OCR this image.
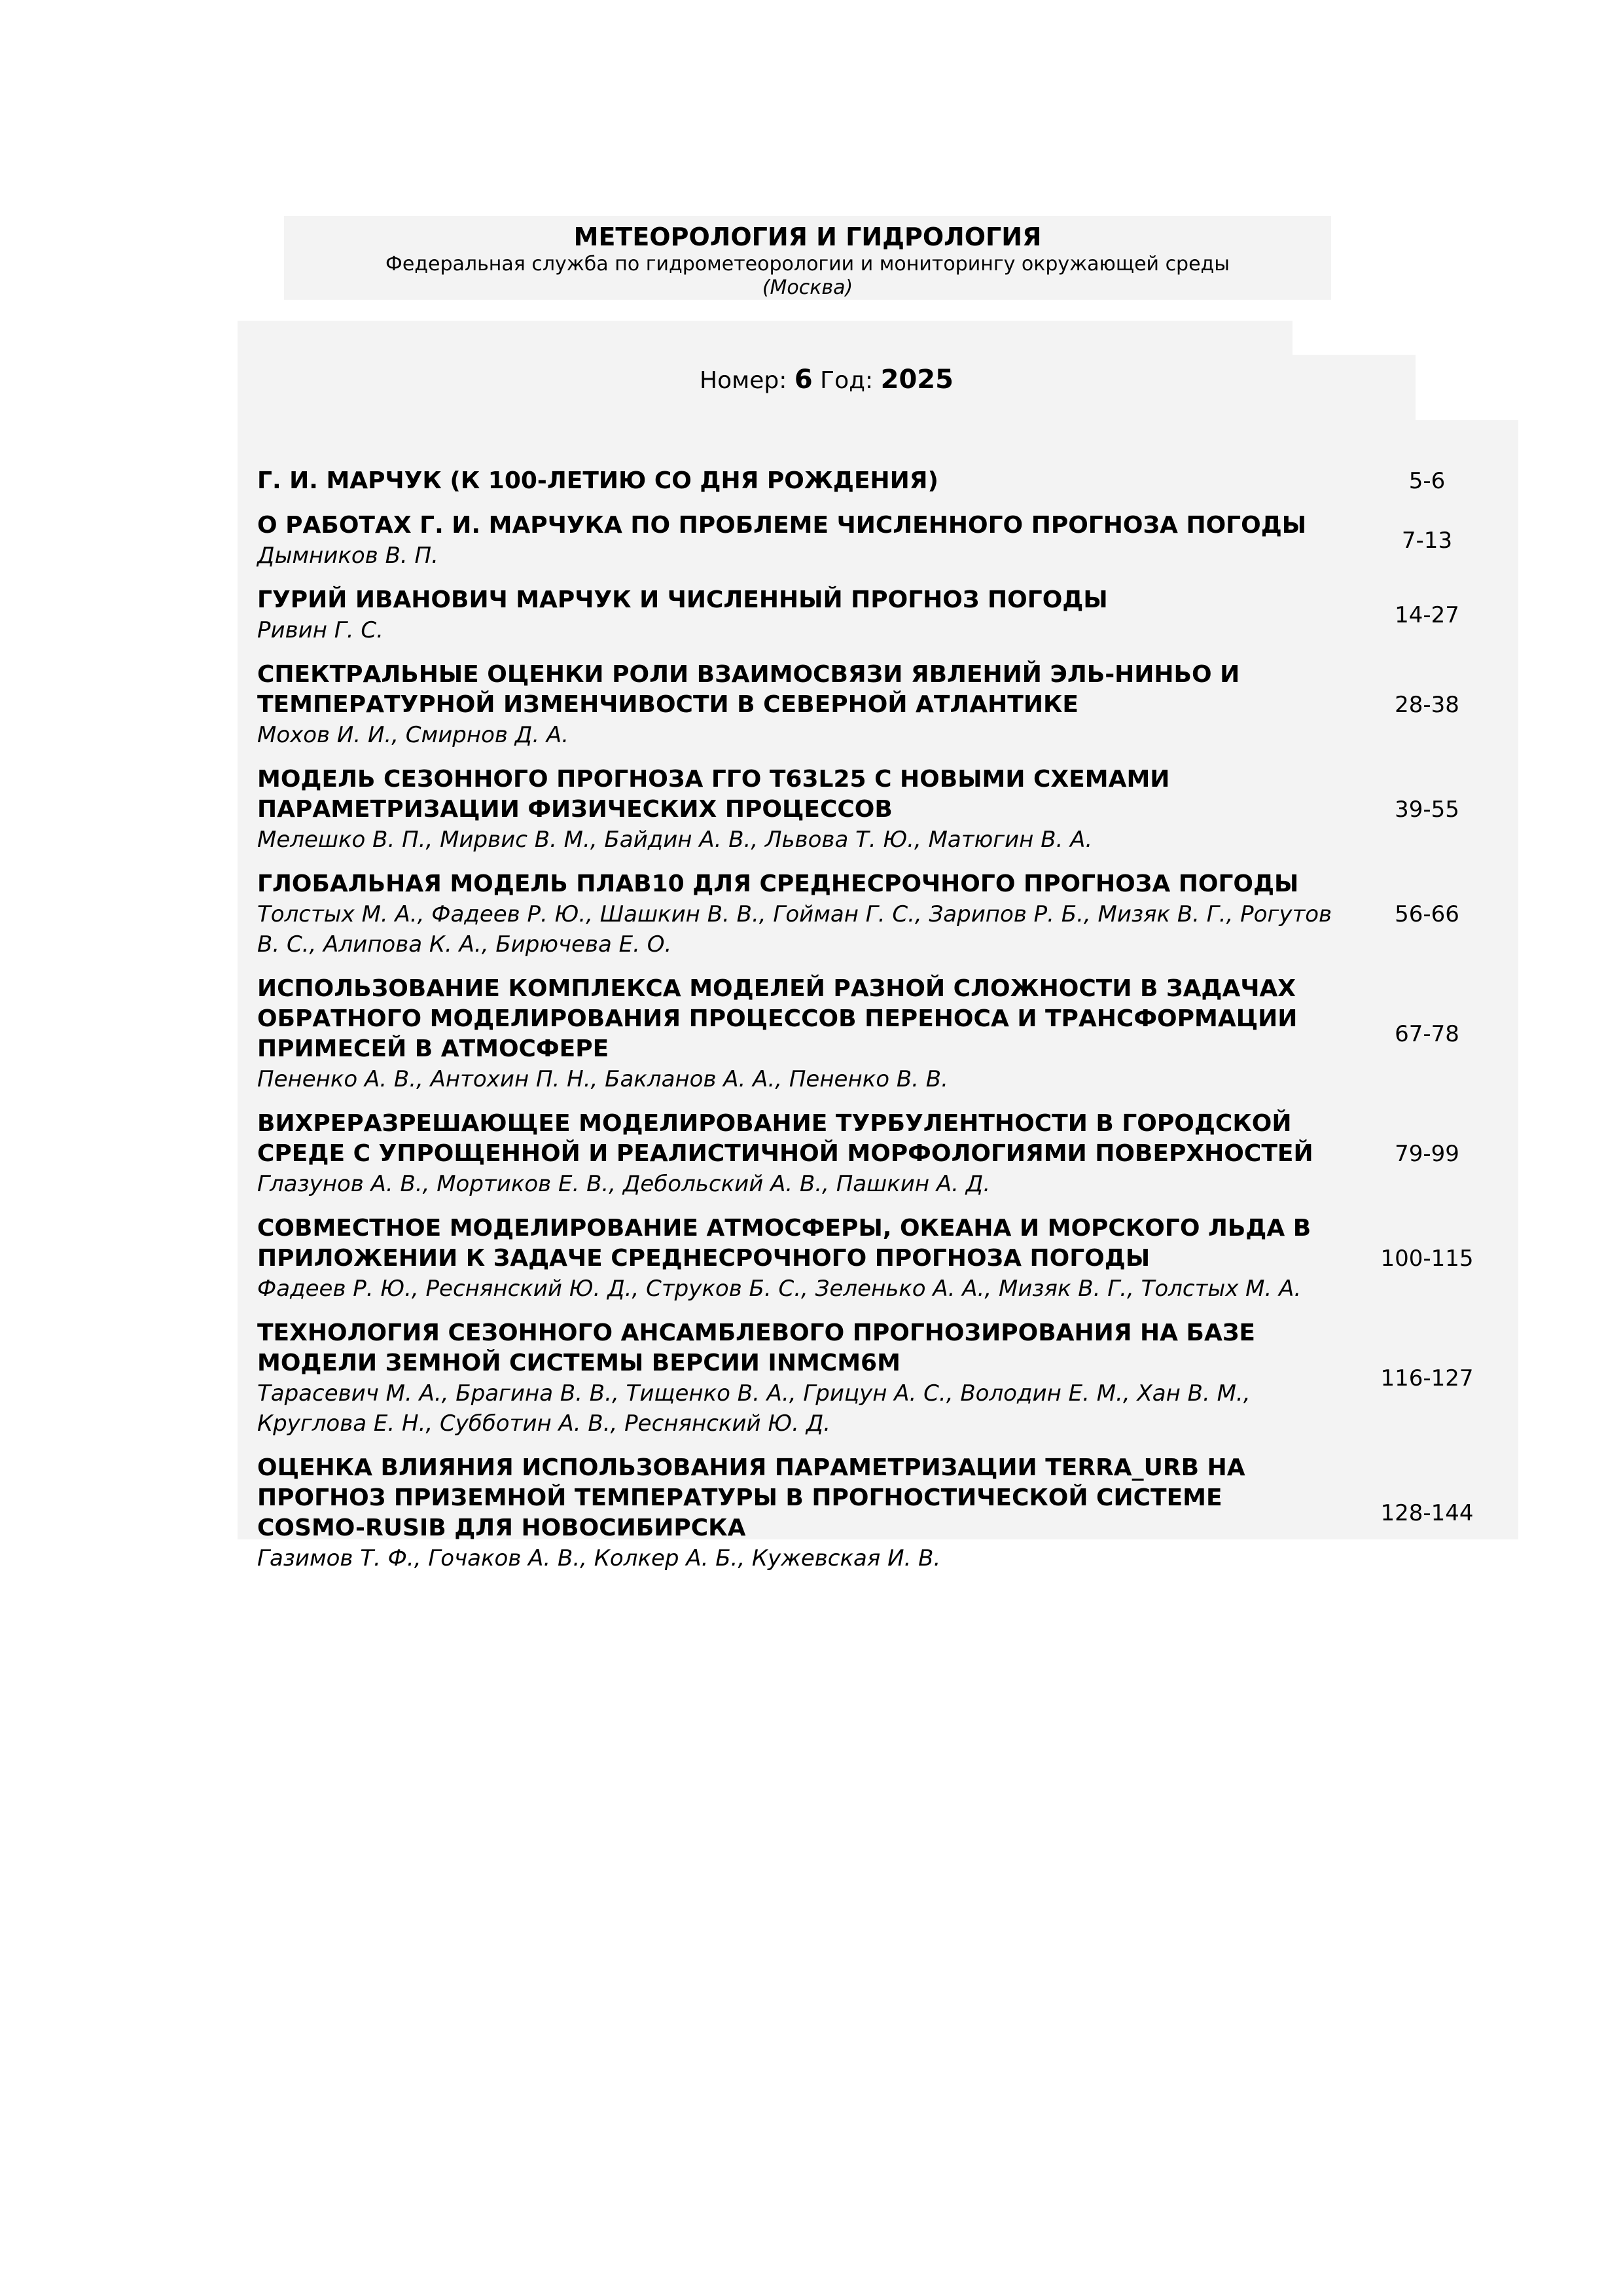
МЕТЕОРОЛОГИЯ И ГИДРОЛОГИЯ
Федеральная служба по гидрометеорологии и мониторингу окружающей среды
(Москва)
Номер: 6 Год: 2025
Г. И. МАРЧУК (К 100-ЛЕТИЮ СО ДНЯ РОЖДЕНИЯ)	5-6
О РАБОТАХ Г. И. МАРЧУКА ПО ПРОБЛЕМЕ ЧИСЛЕННОГО ПРОГНОЗА ПОГОДЫ
Дымников В. П.
7-13
ГУРИЙ ИВАНОВИЧ МАРЧУК И ЧИСЛЕННЫЙ ПРОГНОЗ ПОГОДЫ
Ривин Г. С.
14-27
СПЕКТРАЛЬНЫЕ ОЦЕНКИ РОЛИ ВЗАИМОСВЯЗИ ЯВЛЕНИЙ ЭЛЬ-НИНЬО И ТЕМПЕРАТУРНОЙ ИЗМЕНЧИВОСТИ В СЕВЕРНОЙ АТЛАНТИКЕ
Мохов И. И., Смирнов Д. А.
28-38
МОДЕЛЬ СЕЗОННОГО ПРОГНОЗА ГГО T63L25 С НОВЫМИ СХЕМАМИ ПАРАМЕТРИЗАЦИИ ФИЗИЧЕСКИХ ПРОЦЕССОВ
Мелешко В. П., Мирвис В. М., Байдин А. В., Львова Т. Ю., Матюгин В. А.
39-55
ГЛОБАЛЬНАЯ МОДЕЛЬ ПЛАВ10 ДЛЯ СРЕДНЕСРОЧНОГО ПРОГНОЗА ПОГОДЫ
Толстых М. А., Фадеев Р. Ю., Шашкин В. В., Гойман Г. С., Зарипов Р. Б., Мизяк В. Г., Рогутов В. С., Алипова К. А., Бирючева Е. О.
56-66
ИСПОЛЬЗОВАНИЕ КОМПЛЕКСА МОДЕЛЕЙ РАЗНОЙ СЛОЖНОСТИ В ЗАДАЧАХ ОБРАТНОГО МОДЕЛИРОВАНИЯ ПРОЦЕССОВ ПЕРЕНОСА И ТРАНСФОРМАЦИИ ПРИМЕСЕЙ В АТМОСФЕРЕ
Пененко А. В., Антохин П. Н., Бакланов А. А., Пененко В. В.
67-78
ВИХРЕРАЗРЕШАЮЩЕЕ МОДЕЛИРОВАНИЕ ТУРБУЛЕНТНОСТИ В ГОРОДСКОЙ СРЕДЕ С УПРОЩЕННОЙ И РЕАЛИСТИЧНОЙ МОРФОЛОГИЯМИ ПОВЕРХНОСТЕЙ
Глазунов А. В., Мортиков Е. В., Дебольский А. В., Пашкин А. Д.
79-99
СОВМЕСТНОЕ МОДЕЛИРОВАНИЕ АТМОСФЕРЫ, ОКЕАНА И МОРСКОГО ЛЬДА В ПРИЛОЖЕНИИ К ЗАДАЧЕ СРЕДНЕСРОЧНОГО ПРОГНОЗА ПОГОДЫ
Фадеев Р. Ю., Реснянский Ю. Д., Струков Б. С., Зеленько А. А., Мизяк В. Г., Толстых М. А.
100-115
ТЕХНОЛОГИЯ СЕЗОННОГО АНСАМБЛЕВОГО ПРОГНОЗИРОВАНИЯ НА БАЗЕ МОДЕЛИ ЗЕМНОЙ СИСТЕМЫ ВЕРСИИ INMCM6M
Тарасевич М. А., Брагина В. В., Тищенко В. А., Грицун А. С., Володин Е. М., Хан В. М., Круглова Е. Н., Субботин А. В., Реснянский Ю. Д.
116-127
ОЦЕНКА ВЛИЯНИЯ ИСПОЛЬЗОВАНИЯ ПАРАМЕТРИЗАЦИИ TERRA_URB НА ПРОГНОЗ ПРИЗЕМНОЙ ТЕМПЕРАТУРЫ В ПРОГНОСТИЧЕСКОЙ СИСТЕМЕ COSMO-RUSIB ДЛЯ НОВОСИБИРСКА
Газимов Т. Ф., Гочаков А. В., Колкер А. Б., Кужевская И. В.
128-144
